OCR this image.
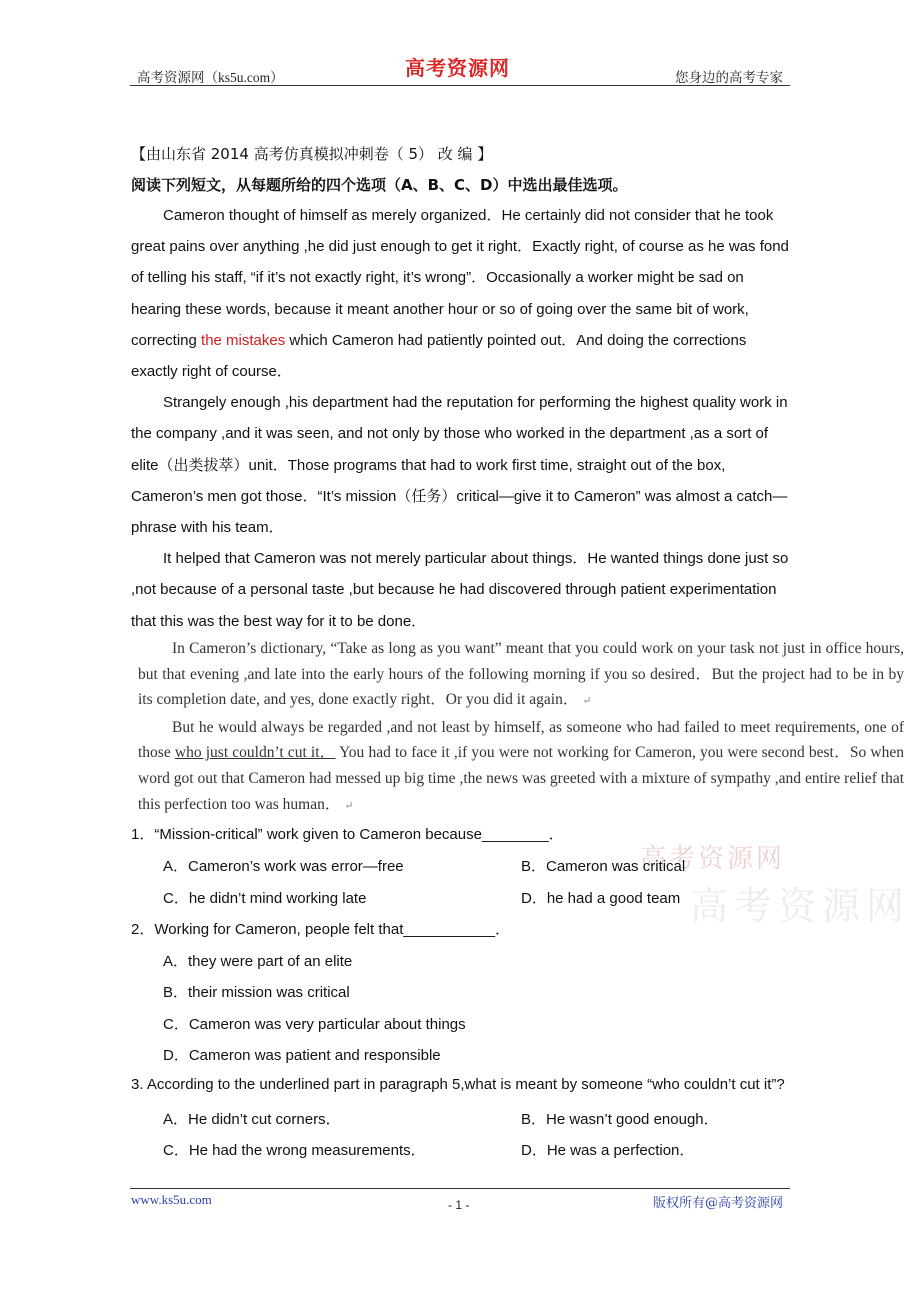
高考资源网（ks5u.com）	高考资源网	您身边的高考专家
【由山东省 2014 高考仿真模拟冲刺卷（ 5） 改 编 】
阅读下列短文，从每题所给的四个选项（A、B、C、D）中选出最佳选项。

Cameron thought of himself as merely organized．He certainly did not consider that he took great pains over anything ,he did just enough to get it right．Exactly right, of course as he was fond of telling his staff, “if it’s not exactly right, it’s wrong”．Occasionally a worker might be sad on hearing these words, because it meant another hour or so of going over the same bit of work, correcting the mistakes which Cameron had patiently pointed out．And doing the corrections exactly right of course．

Strangely enough ,his department had the reputation for performing the highest quality work in the company ,and it was seen, and not only by those who worked in the department ,as a sort of elite（出类拔萃）unit．Those programs that had to work first time, straight out of the box, Cameron’s men got those．“It’s mission（任务）critical—give it to Cameron” was almost a catch—phrase with his team．

It helped that Cameron was not merely particular about things．He wanted things done just so ,not because of a personal taste ,but because he had discovered through patient experimentation that this was the best way for it to be done．

In Cameron’s dictionary, “Take as long as you want” meant that you could work on your task not just in office hours, but that evening ,and late into the early hours of the following morning if you so desired．But the project had to be in by its completion date, and yes, done exactly right．Or you did it again． ↵

But he would always be regarded ,and not least by himself, as someone who had failed to meet requirements, one of those who just couldn’t cut it． You had to face it ,if you were not working for Cameron, you were second best．So when word got out that Cameron had messed up big time ,the news was greeted with a mixture of sympathy ,and entire relief that this perfection too was human． ↵

高考资源网
高考资源网
1．“Mission-critical” work given to Cameron because________．
A．Cameron’s work was error—free	B．Cameron was critical
C．he didn’t mind working late	D．he had a good team
2．Working for Cameron, people felt that___________．
A．they were part of an elite
B．their mission was critical
C．Cameron was very particular about things
D．Cameron was patient and responsible
3. According to the underlined part in paragraph 5,what is meant by someone “who couldn’t cut it”?
A．He didn’t cut corners．	B．He wasn’t good enough．
C．He had the wrong measurements．	D．He was a perfection．
www.ks5u.com	- 1 -	版权所有@高考资源网
